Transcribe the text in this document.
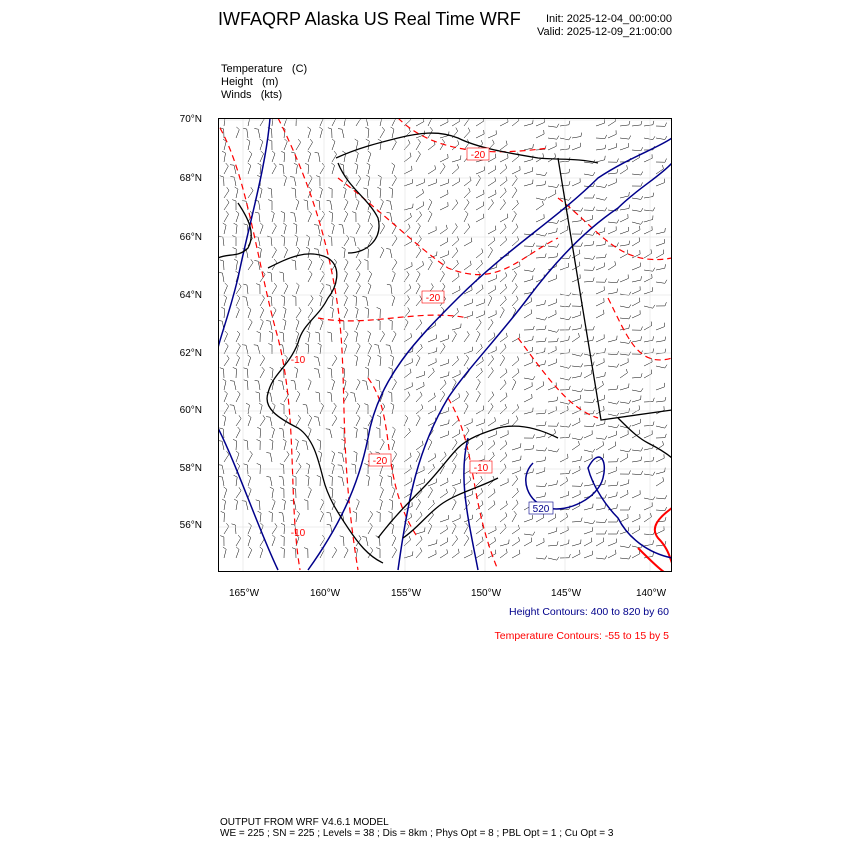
IWFAQRP Alaska US Real Time WRF	Init: 2025-12-04_00:00:00
Valid: 2025-12-09_21:00:00
Temperature   (C)
Height   (m)
Winds   (kts)
70°N
68°N
66°N
64°N
62°N
60°N
58°N
56°N
165°W	160°W	155°W	150°W	145°W	140°W
-20
-20
-10
-20
-10
-10
520
Height Contours: 400 to 820 by 60
Temperature Contours: -55 to 15 by 5
OUTPUT FROM WRF V4.6.1 MODEL
WE = 225 ; SN = 225 ; Levels = 38 ; Dis = 8km ; Phys Opt = 8 ; PBL Opt = 1 ; Cu Opt = 3
